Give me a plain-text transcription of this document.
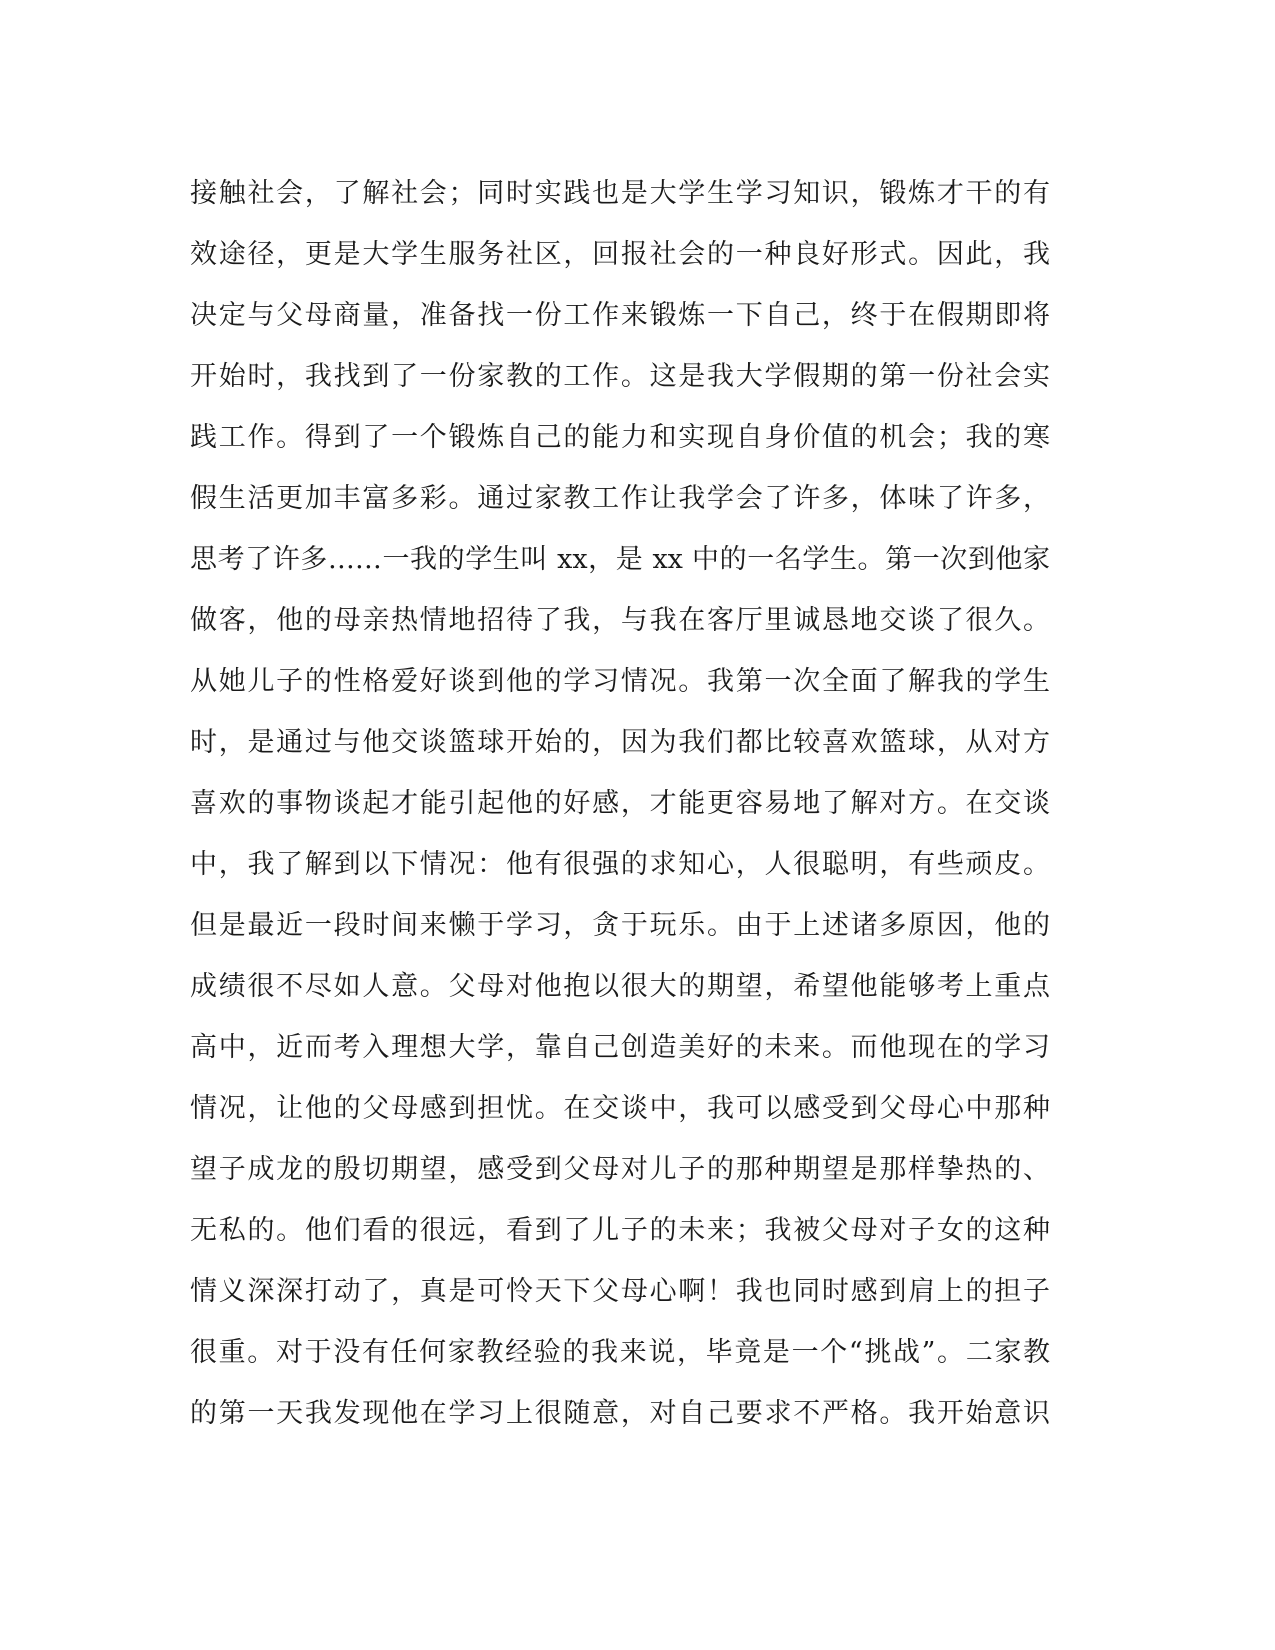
接触社会，了解社会；同时实践也是大学生学习知识，锻炼才干的有
效途径，更是大学生服务社区，回报社会的一种良好形式。因此，我
决定与父母商量，准备找一份工作来锻炼一下自己，终于在假期即将
开始时，我找到了一份家教的工作。这是我大学假期的第一份社会实
践工作。得到了一个锻炼自己的能力和实现自身价值的机会；我的寒
假生活更加丰富多彩。通过家教工作让我学会了许多，体味了许多，
思考了许多……一我的学生叫 xx，是 xx 中的一名学生。第一次到他家
做客，他的母亲热情地招待了我，与我在客厅里诚恳地交谈了很久。
从她儿子的性格爱好谈到他的学习情况。我第一次全面了解我的学生
时，是通过与他交谈篮球开始的，因为我们都比较喜欢篮球，从对方
喜欢的事物谈起才能引起他的好感，才能更容易地了解对方。在交谈
中，我了解到以下情况：他有很强的求知心，人很聪明，有些顽皮。
但是最近一段时间来懒于学习，贪于玩乐。由于上述诸多原因，他的
成绩很不尽如人意。父母对他抱以很大的期望，希望他能够考上重点
高中，近而考入理想大学，靠自己创造美好的未来。而他现在的学习
情况，让他的父母感到担忧。在交谈中，我可以感受到父母心中那种
望子成龙的殷切期望，感受到父母对儿子的那种期望是那样挚热的、
无私的。他们看的很远，看到了儿子的未来；我被父母对子女的这种
情义深深打动了，真是可怜天下父母心啊！我也同时感到肩上的担子
很重。对于没有任何家教经验的我来说，毕竟是一个“挑战”。二家教
的第一天我发现他在学习上很随意，对自己要求不严格。我开始意识
